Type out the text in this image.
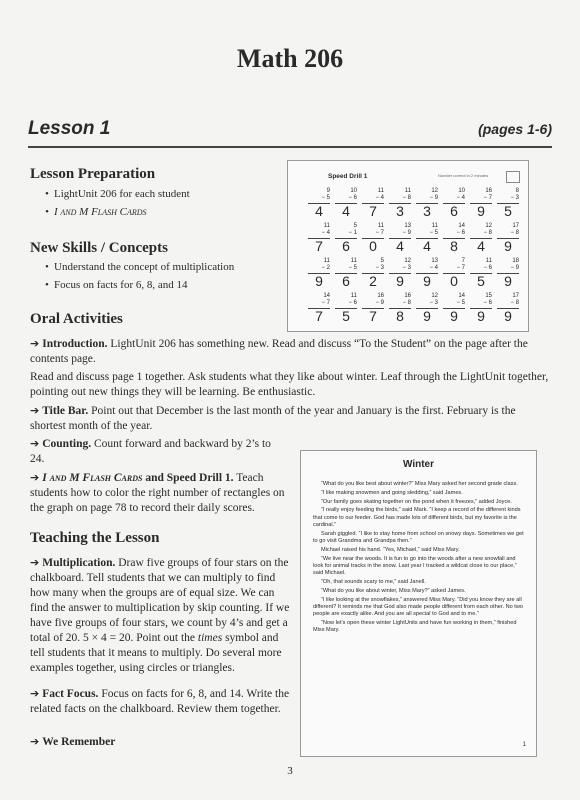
Math 206
Lesson 1	(pages 1-6)
Lesson Preparation
• LightUnit 206 for each student
• I and M Flash Cards
New Skills / Concepts
• Understand the concept of multiplication
• Focus on facts for 6, 8, and 14
Oral Activities

➔ Introduction. LightUnit 206 has something new. Read and discuss “To the Student” on the page after the contents page.

Read and discuss page 1 together. Ask students what they like about winter. Leaf through the LightUnit together, pointing out new things they will be learning. Be enthusiastic.

➔ Title Bar. Point out that December is the last month of the year and January is the first. February is the shortest month of the year.

➔ Counting. Count forward and backward by 2’s to 24.

➔ I and M Flash Cards and Speed Drill 1. Teach students how to color the right number of rectangles on the graph on page 78 to record their daily scores.

Teaching the Lesson

➔ Multiplication. Draw five groups of four stars on the chalkboard. Tell students that we can multiply to find how many when the groups are of equal size. We can find the answer to multiplication by skip counting. If we have five groups of four stars, we count by 4’s and get a total of 20. 5 × 4 = 20. Point out the times symbol and tell students that it means to multiply. Do several more examples together, using circles or triangles.

➔ Fact Focus. Focus on facts for 6, 8, and 14. Write the related facts on the chalkboard. Review them together.

➔ We Remember

Speed Drill 1	Number correct in 2 minutes
9
− 5
4
10
− 6
4
11
− 4
7
11
− 8
3
12
− 9
3
10
− 4
6
16
− 7
9
8
− 3
5
11
− 4
7
5
− 1
6
11
− 7
0
13
− 9
4
11
− 5
4
14
− 6
8
12
− 8
4
17
− 8
9
11
− 2
9
11
− 5
6
5
− 3
2
12
− 3
9
13
− 4
9
7
− 7
0
11
− 6
5
18
− 9
9
14
− 7
7
11
− 6
5
16
− 9
7
16
− 8
8
12
− 3
9
14
− 5
9
15
− 6
9
17
− 8
9
Winter
“What do you like best about winter?” Miss Mary asked her second grade class.
“I like making snowmen and going sledding,” said James.
“Our family goes skating together on the pond when it freezes,” added Joyce.
“I really enjoy feeding the birds,” said Mark. “I keep a record of the different kinds that come to our feeder. God has made lots of different birds, but my favorite is the cardinal.”
Sarah giggled. “I like to stay home from school on snowy days. Sometimes we get to go visit Grandma and Grandpa then.”
Michael raised his hand. “Yes, Michael,” said Miss Mary.
“We live near the woods. It is fun to go into the woods after a new snowfall and look for animal tracks in the snow. Last year I tracked a wildcat close to our place,” said Michael.
“Oh, that sounds scary to me,” said Janell.
“What do you like about winter, Miss Mary?” asked James.
“I like looking at the snowflakes,” answered Miss Mary. “Did you know they are all different? It reminds me that God also made people different from each other. No two people are exactly alike. And you are all special to God and to me.”
“Now let’s open these winter LightUnits and have fun working in them,” finished Miss Mary.
1
3
